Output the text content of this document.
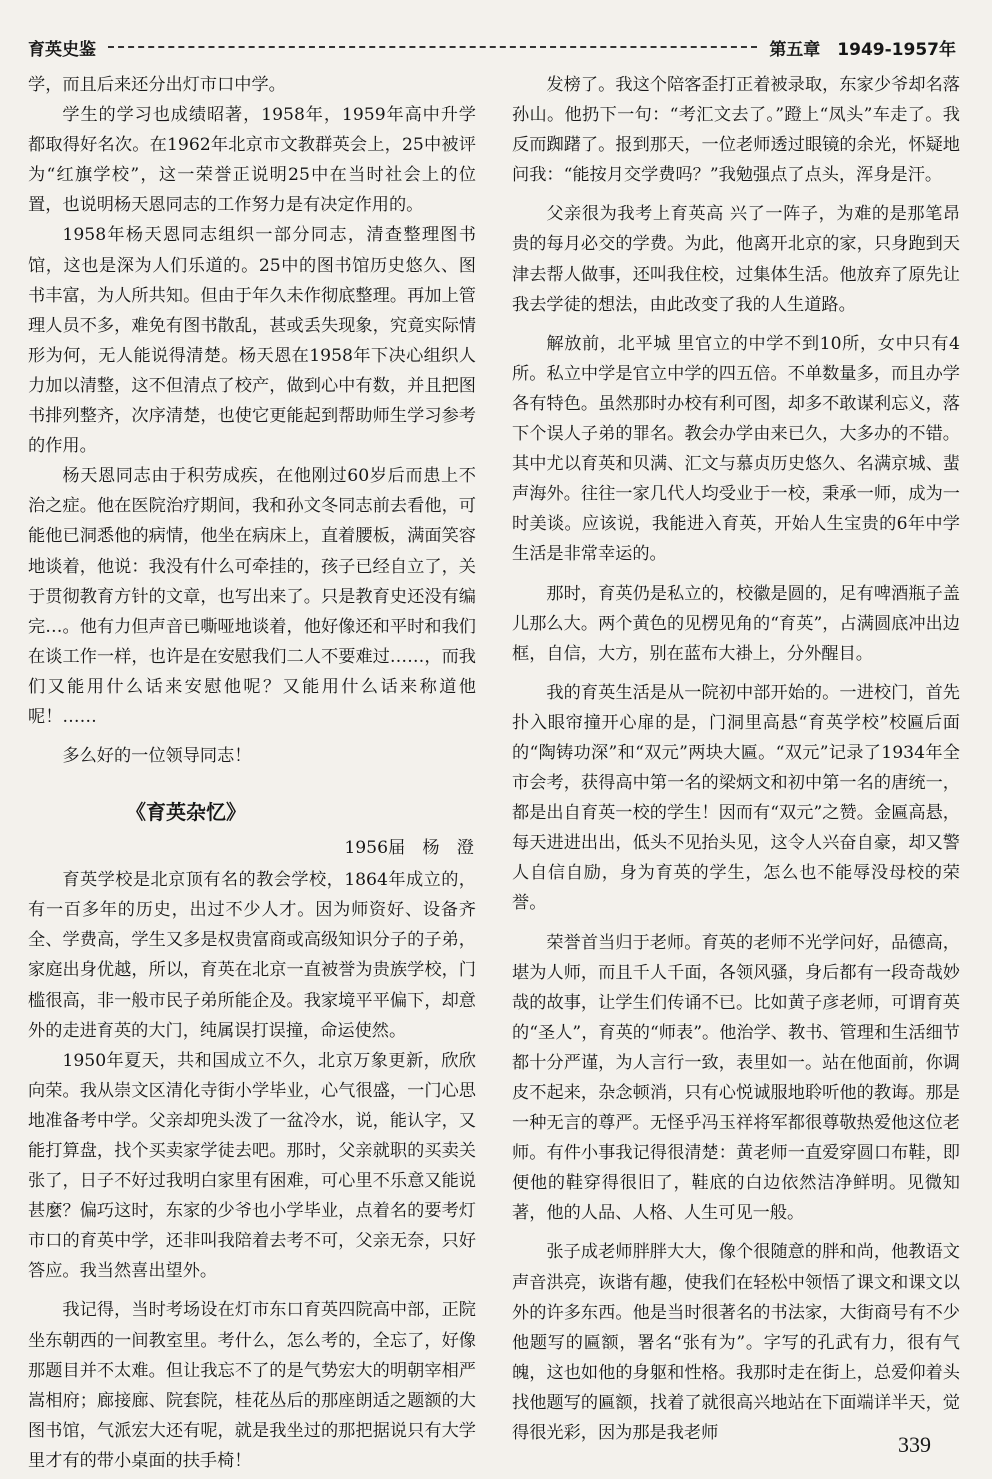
育英史鉴	第五章　1949-1957年

学，而且后来还分出灯市口中学。

学生的学习也成绩昭著，1958年，1959年高中升学都取得好名次。在1962年北京市文教群英会上，25中被评为“红旗学校”，这一荣誉正说明25中在当时社会上的位置，也说明杨天恩同志的工作努力是有决定作用的。

1958年杨天恩同志组织一部分同志，清查整理图书馆，这也是深为人们乐道的。25中的图书馆历史悠久、图书丰富，为人所共知。但由于年久未作彻底整理。再加上管理人员不多，难免有图书散乱，甚或丢失现象，究竟实际情形为何，无人能说得清楚。杨天恩在1958年下决心组织人力加以清整，这不但清点了校产，做到心中有数，并且把图书排列整齐，次序清楚，也使它更能起到帮助师生学习参考的作用。

杨天恩同志由于积劳成疾，在他刚过60岁后而患上不治之症。他在医院治疗期间，我和孙文冬同志前去看他，可能他已洞悉他的病情，他坐在病床上，直着腰板，满面笑容地谈着，他说：我没有什么可牵挂的，孩子已经自立了，关于贯彻教育方针的文章，也写出来了。只是教育史还没有编完…。他有力但声音已嘶哑地谈着，他好像还和平时和我们在谈工作一样，也许是在安慰我们二人不要难过……，而我们又能用什么话来安慰他呢？又能用什么话来称道他呢！……

多么好的一位领导同志！

《育英杂忆》
1956届　杨　澄

育英学校是北京顶有名的教会学校，1864年成立的，有一百多年的历史，出过不少人才。因为师资好、设备齐全、学费高，学生又多是权贵富商或高级知识分子的子弟，家庭出身优越，所以，育英在北京一直被誉为贵族学校，门槛很高，非一般市民子弟所能企及。我家境平平偏下，却意外的走进育英的大门，纯属误打误撞，命运使然。

1950年夏天，共和国成立不久，北京万象更新，欣欣向荣。我从崇文区清化寺街小学毕业，心气很盛，一门心思地准备考中学。父亲却兜头泼了一盆冷水，说，能认字，又能打算盘，找个买卖家学徒去吧。那时，父亲就职的买卖关张了，日子不好过我明白家里有困难，可心里不乐意又能说甚麼？偏巧这时，东家的少爷也小学毕业，点着名的要考灯市口的育英中学，还非叫我陪着去考不可，父亲无奈，只好答应。我当然喜出望外。

我记得，当时考场设在灯市东口育英四院高中部，正院坐东朝西的一间教室里。考什么，怎么考的，全忘了，好像那题目并不太难。但让我忘不了的是气势宏大的明朝宰相严嵩相府；廊接廊、院套院，桂花丛后的那座朗适之题额的大图书馆，气派宏大还有呢，就是我坐过的那把据说只有大学里才有的带小桌面的扶手椅！

发榜了。我这个陪客歪打正着被录取，东家少爷却名落孙山。他扔下一句：“考汇文去了。”蹬上“凤头”车走了。我反而踟躇了。报到那天，一位老师透过眼镜的余光，怀疑地问我：“能按月交学费吗？”我勉强点了点头，浑身是汗。

父亲很为我考上育英高 兴了一阵子，为难的是那笔昂贵的每月必交的学费。为此，他离开北京的家，只身跑到天津去帮人做事，还叫我住校，过集体生活。他放弃了原先让我去学徒的想法，由此改变了我的人生道路。

解放前，北平城 里官立的中学不到10所，女中只有4所。私立中学是官立中学的四五倍。不单数量多，而且办学各有特色。虽然那时办校有利可图，却多不敢谋利忘义，落下个误人子弟的罪名。教会办学由来已久，大多办的不错。其中尤以育英和贝满、汇文与慕贞历史悠久、名满京城、蜚声海外。往往一家几代人均受业于一校，秉承一师，成为一时美谈。应该说，我能进入育英，开始人生宝贵的6年中学生活是非常幸运的。

那时，育英仍是私立的，校徽是圆的，足有啤酒瓶子盖儿那么大。两个黄色的见楞见角的“育英”，占满圆底冲出边框，自信，大方，别在蓝布大褂上，分外醒目。

我的育英生活是从一院初中部开始的。一进校门，首先扑入眼帘撞开心扉的是，门洞里高悬“育英学校”校匾后面的“陶铸功深”和“双元”两块大匾。“双元”记录了1934年全市会考，获得高中第一名的梁炳文和初中第一名的唐统一，都是出自育英一校的学生！因而有“双元”之赞。金匾高悬，每天进进出出，低头不见抬头见，这令人兴奋自豪，却又警人自信自励，身为育英的学生，怎么也不能辱没母校的荣誉。

荣誉首当归于老师。育英的老师不光学问好，品德高，堪为人师，而且千人千面，各领风骚，身后都有一段奇哉妙哉的故事，让学生们传诵不已。比如黄子彦老师，可谓育英的“圣人”，育英的“师表”。他治学、教书、管理和生活细节都十分严谨，为人言行一致，表里如一。站在他面前，你调皮不起来，杂念顿消，只有心悦诚服地聆听他的教诲。那是一种无言的尊严。无怪乎冯玉祥将军都很尊敬热爱他这位老师。有件小事我记得很清楚：黄老师一直爱穿圆口布鞋，即便他的鞋穿得很旧了，鞋底的白边依然洁净鲜明。见微知著，他的人品、人格、人生可见一般。

张子成老师胖胖大大，像个很随意的胖和尚，他教语文声音洪亮，诙谐有趣，使我们在轻松中领悟了课文和课文以外的许多东西。他是当时很著名的书法家，大街商号有不少他题写的匾额，署名“张有为”。字写的孔武有力，很有气魄，这也如他的身躯和性格。我那时走在街上，总爱仰着头找他题写的匾额，找着了就很高兴地站在下面端详半天，觉得很光彩，因为那是我老师	339
